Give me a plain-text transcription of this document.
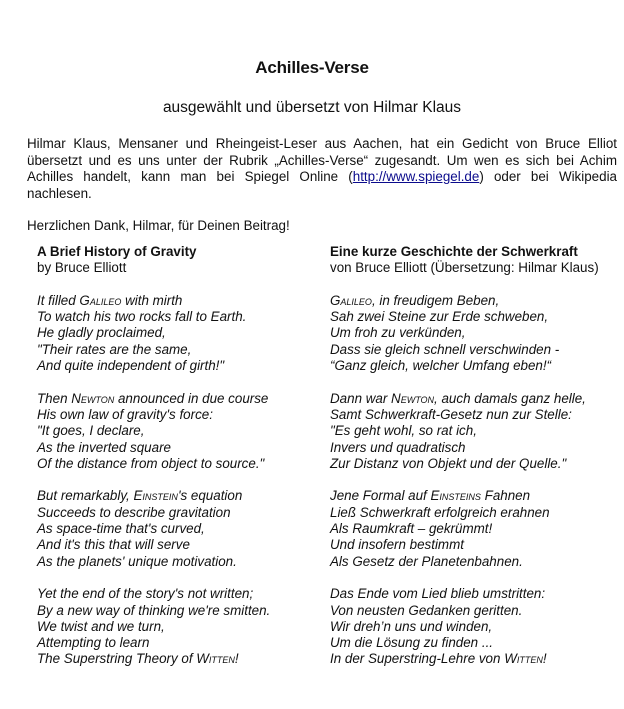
Achilles-Verse
ausgewählt und übersetzt von Hilmar Klaus

Hilmar Klaus, Mensaner und Rheingeist-Leser aus Aachen, hat ein Gedicht von Bruce Elliot übersetzt und es uns unter der Rubrik „Achilles-Verse“ zugesandt. Um wen es sich bei Achim Achilles handelt, kann man bei Spiegel Online (http://www.spiegel.de) oder bei Wikipedia nachlesen.

Herzlichen Dank, Hilmar, für Deinen Beitrag!

A Brief History of Gravity
by Bruce Elliott
It filled Galileo with mirth
To watch his two rocks fall to Earth.
He gladly proclaimed,
"Their rates are the same,
And quite independent of girth!"
Then Newton announced in due course
His own law of gravity's force:
"It goes, I declare,
As the inverted square
Of the distance from object to source."
But remarkably, Einstein's equation
Succeeds to describe gravitation
As space-time that's curved,
And it's this that will serve
As the planets' unique motivation.
Yet the end of the story's not written;
By a new way of thinking we're smitten.
We twist and we turn,
Attempting to learn
The Superstring Theory of Witten!
Eine kurze Geschichte der Schwerkraft
von Bruce Elliott (Übersetzung: Hilmar Klaus)
Galileo, in freudigem Beben,
Sah zwei Steine zur Erde schweben,
Um froh zu verkünden,
Dass sie gleich schnell verschwinden -
“Ganz gleich, welcher Umfang eben!“
Dann war Newton, auch damals ganz helle,
Samt Schwerkraft-Gesetz nun zur Stelle:
"Es geht wohl, so rat ich,
Invers und quadratisch
Zur Distanz von Objekt und der Quelle."
Jene Formal auf Einsteins Fahnen
Ließ Schwerkraft erfolgreich erahnen
Als Raumkraft – gekrümmt!
Und insofern bestimmt
Als Gesetz der Planetenbahnen.
Das Ende vom Lied blieb umstritten:
Von neusten Gedanken geritten.
Wir dreh’n uns und winden,
Um die Lösung zu finden ...
In der Superstring-Lehre von Witten!
